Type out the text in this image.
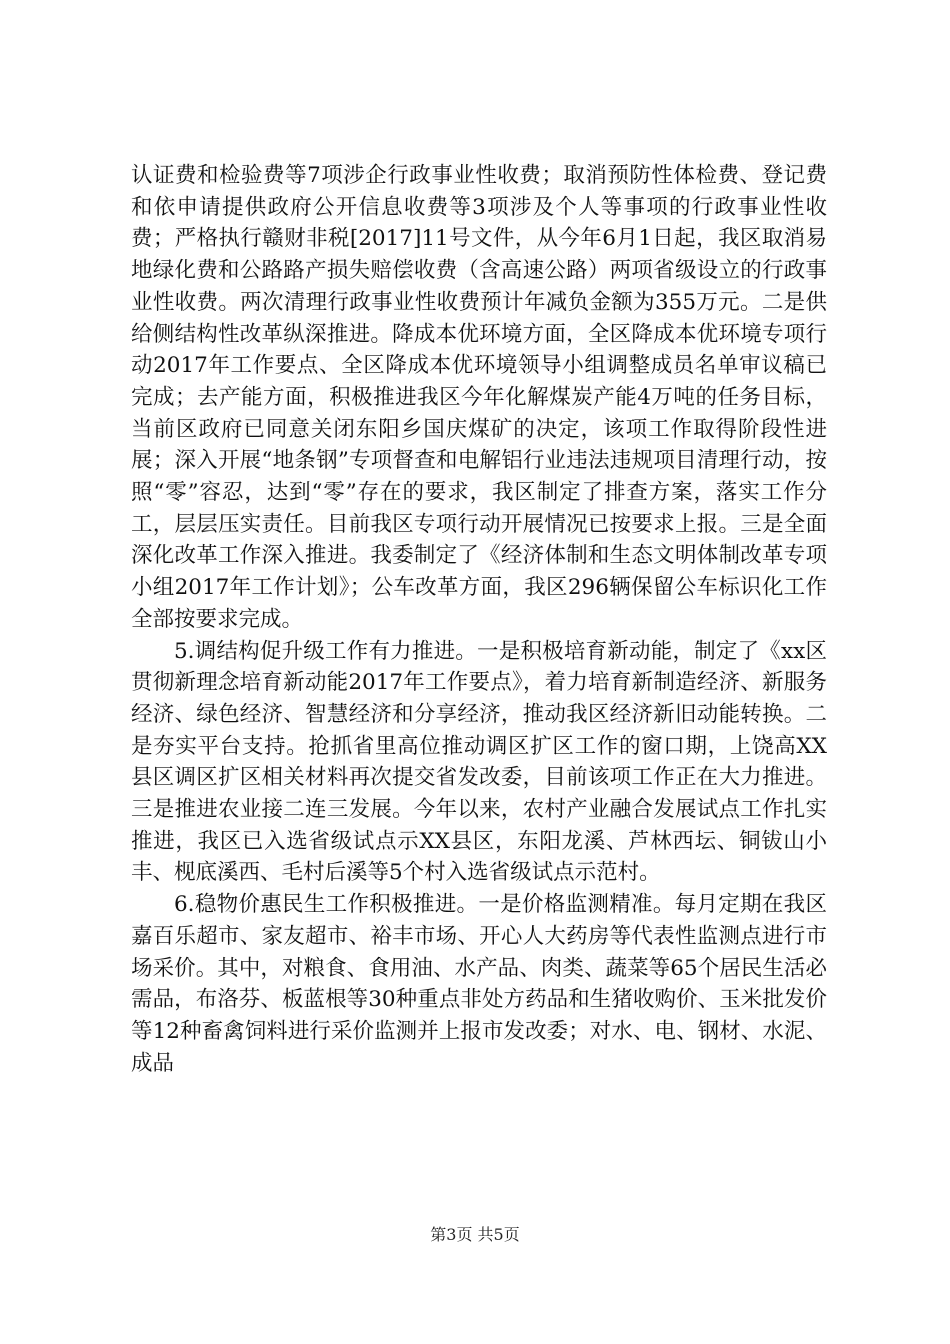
认证费和检验费等7项涉企行政事业性收费；取消预防性体检费、登记费和依申请提供政府公开信息收费等3项涉及个人等事项的行政事业性收费；严格执行赣财非税[2017]11号文件，从今年6月1日起，我区取消易地绿化费和公路路产损失赔偿收费（含高速公路）两项省级设立的行政事业性收费。两次清理行政事业性收费预计年减负金额为355万元。二是供给侧结构性改革纵深推进。降成本优环境方面，全区降成本优环境专项行动2017年工作要点、全区降成本优环境领导小组调整成员名单审议稿已完成；去产能方面，积极推进我区今年化解煤炭产能4万吨的任务目标，当前区政府已同意关闭东阳乡国庆煤矿的决定，该项工作取得阶段性进展；深入开展“地条钢”专项督查和电解铝行业违法违规项目清理行动，按照“零”容忍，达到“零”存在的要求，我区制定了排查方案，落实工作分工，层层压实责任。目前我区专项行动开展情况已按要求上报。三是全面深化改革工作深入推进。我委制定了《经济体制和生态文明体制改革专项小组2017年工作计划》；公车改革方面，我区296辆保留公车标识化工作全部按要求完成。

5.调结构促升级工作有力推进。一是积极培育新动能，制定了《xx区贯彻新理念培育新动能2017年工作要点》，着力培育新制造经济、新服务经济、绿色经济、智慧经济和分享经济，推动我区经济新旧动能转换。二是夯实平台支持。抢抓省里高位推动调区扩区工作的窗口期，上饶高XX县区调区扩区相关材料再次提交省发改委，目前该项工作正在大力推进。三是推进农业接二连三发展。今年以来，农村产业融合发展试点工作扎实推进，我区已入选省级试点示XX县区，东阳龙溪、芦林西坛、铜钹山小丰、枧底溪西、毛村后溪等5个村入选省级试点示范村。

6.稳物价惠民生工作积极推进。一是价格监测精准。每月定期在我区嘉百乐超市、家友超市、裕丰市场、开心人大药房等代表性监测点进行市场采价。其中，对粮食、食用油、水产品、肉类、蔬菜等65个居民生活必需品，布洛芬、板蓝根等30种重点非处方药品和生猪收购价、玉米批发价等12种畜禽饲料进行采价监测并上报市发改委；对水、电、钢材、水泥、成品

第3页 共5页
